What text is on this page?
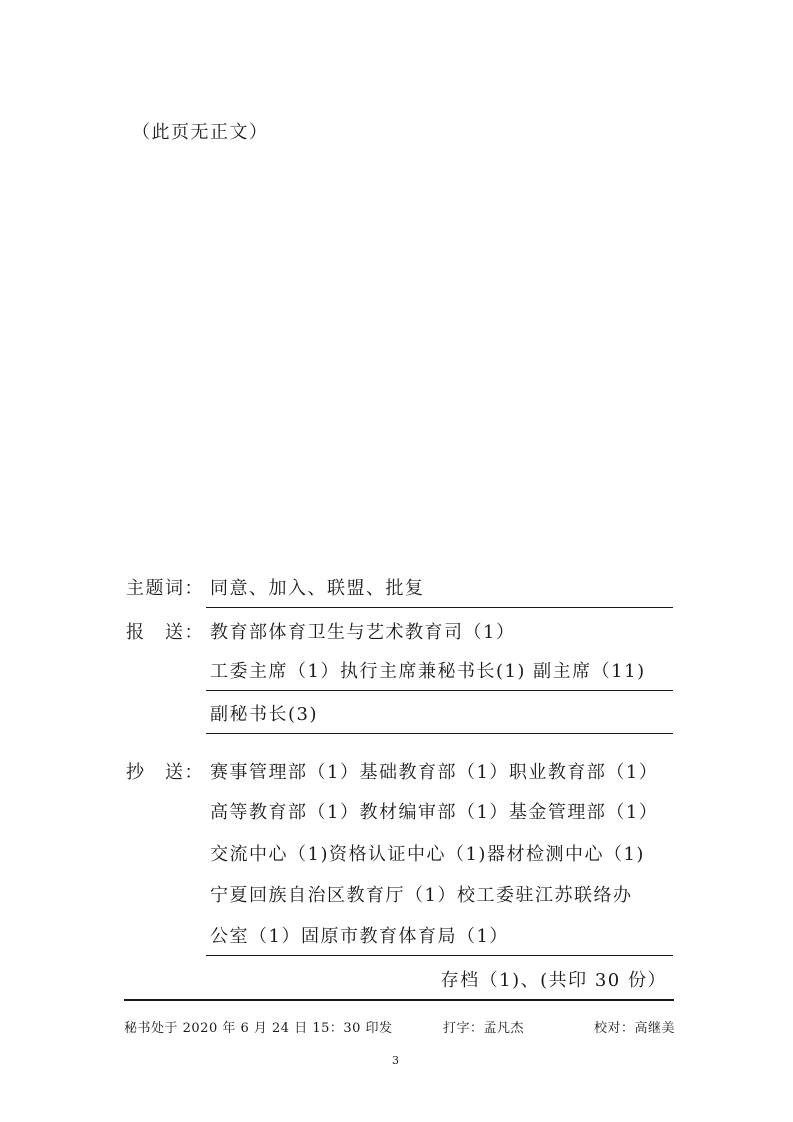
（此页无正文）
主题词： 同意、加入、联盟、批复
报　送： 教育部体育卫生与艺术教育司（1）
工委主席（1）执行主席兼秘书长(1) 副主席（11)
副秘书长(3)
抄　送： 赛事管理部（1）基础教育部（1）职业教育部（1）
高等教育部（1）教材编审部（1）基金管理部（1）
交流中心（1)资格认证中心（1)器材检测中心（1)
宁夏回族自治区教育厅（1）校工委驻江苏联络办
公室（1）固原市教育体育局（1）
存档（1)、(共印 30 份）
秘书处于 2020 年 6 月 24 日 15：30 印发	打字：孟凡杰	校对：高继美
3
